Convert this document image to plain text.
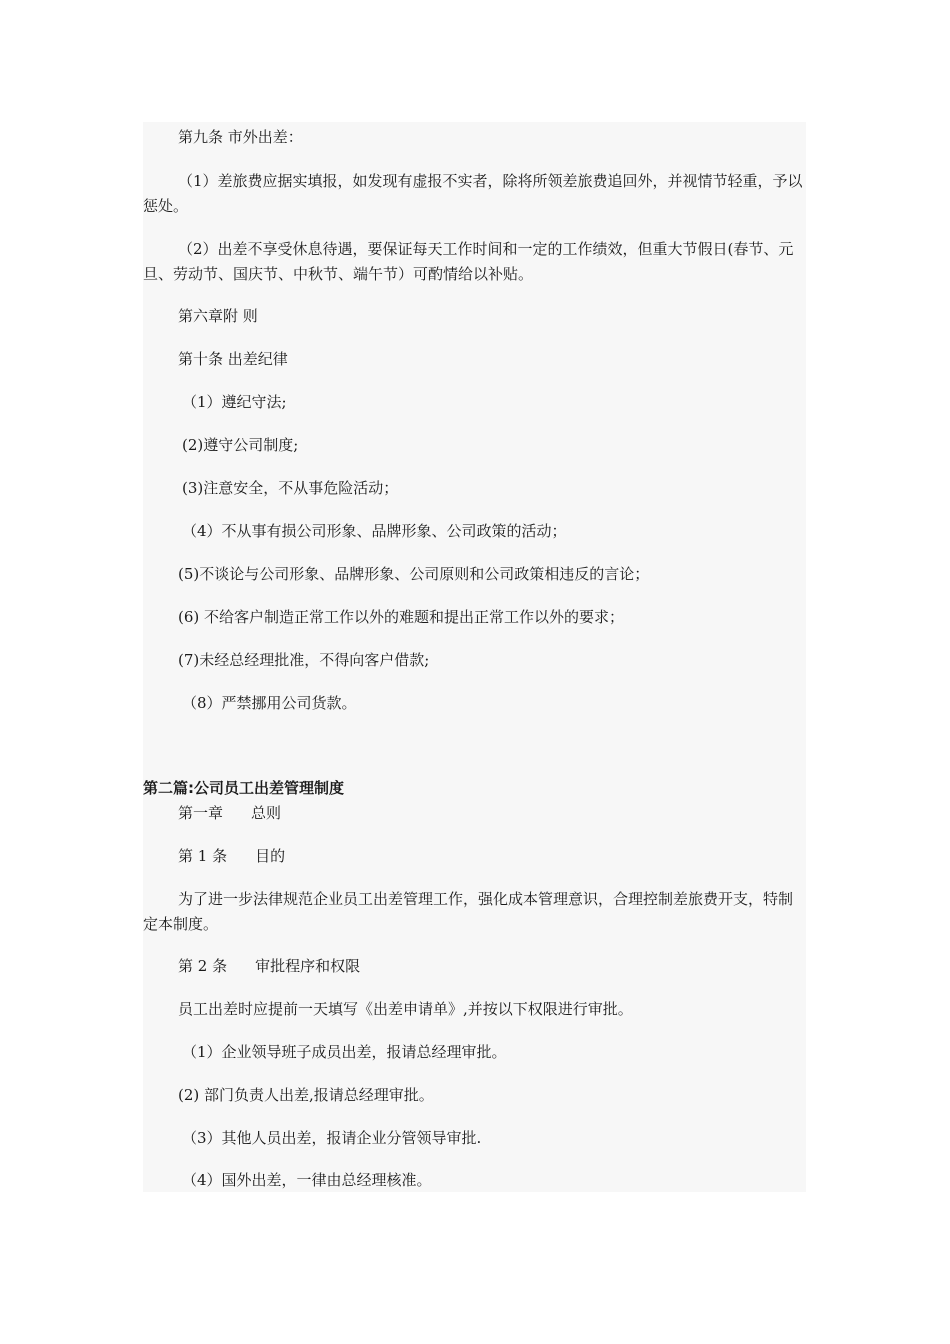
第九条 市外出差：

（1）差旅费应据实填报，如发现有虚报不实者，除将所领差旅费追回外，并视情节轻重，予以惩处。

（2）出差不享受休息待遇，要保证每天工作时间和一定的工作绩效，但重大节假日(春节、元旦、劳动节、国庆节、中秋节、端午节）可酌情给以补贴。

第六章附 则

第十条 出差纪律

（1）遵纪守法;

(2)遵守公司制度;

(3)注意安全，不从事危险活动；

（4）不从事有损公司形象、品牌形象、公司政策的活动；

(5)不谈论与公司形象、品牌形象、公司原则和公司政策相违反的言论；

(6) 不给客户制造正常工作以外的难题和提出正常工作以外的要求；

(7)未经总经理批准，不得向客户借款;

（8）严禁挪用公司货款。

第二篇:公司员工出差管理制度

第一章 总则

第 1 条 目的

为了进一步法律规范企业员工出差管理工作，强化成本管理意识，合理控制差旅费开支，特制定本制度。

第 2 条 审批程序和权限

员工出差时应提前一天填写《出差申请单》,并按以下权限进行审批。

（1）企业领导班子成员出差，报请总经理审批。

(2) 部门负责人出差,报请总经理审批。

（3）其他人员出差，报请企业分管领导审批.

（4）国外出差，一律由总经理核准。
